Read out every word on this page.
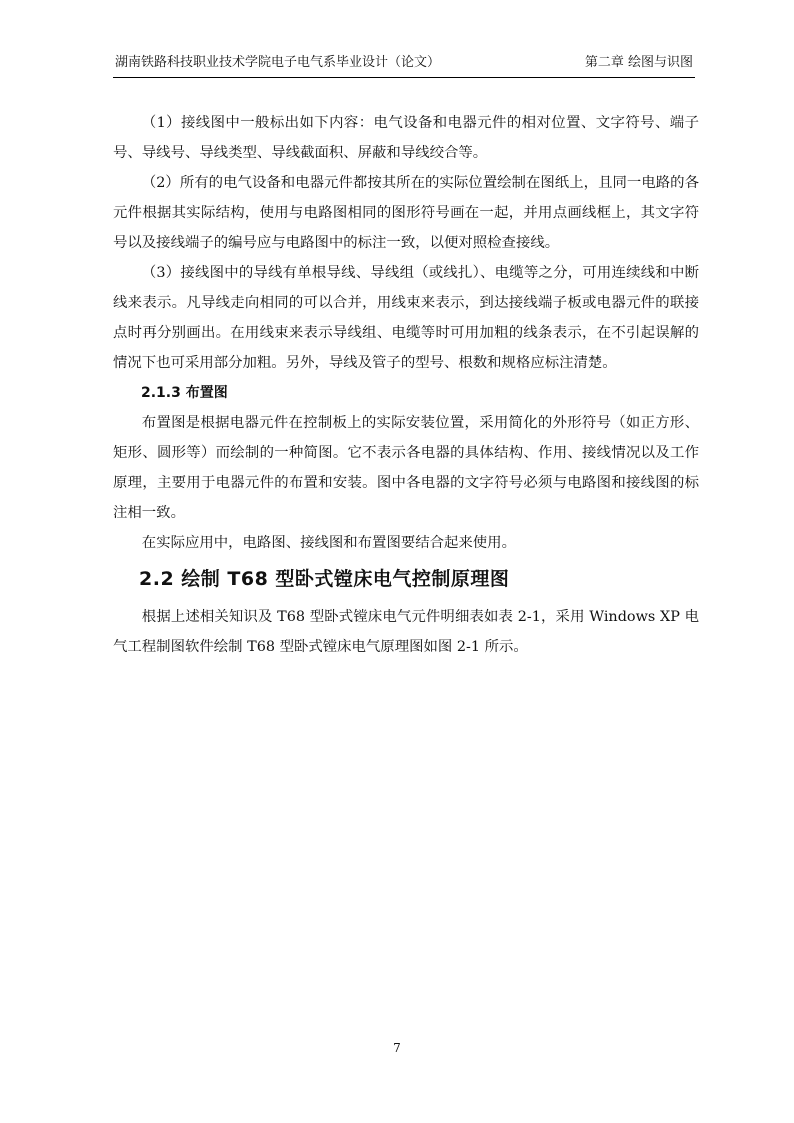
湖南铁路科技职业技术学院电子电气系毕业设计（论文）	第二章 绘图与识图

（1）接线图中一般标出如下内容：电气设备和电器元件的相对位置、文字符号、端子号、导线号、导线类型、导线截面积、屏蔽和导线绞合等。

（2）所有的电气设备和电器元件都按其所在的实际位置绘制在图纸上，且同一电路的各元件根据其实际结构，使用与电路图相同的图形符号画在一起，并用点画线框上，其文字符号以及接线端子的编号应与电路图中的标注一致，以便对照检查接线。

（3）接线图中的导线有单根导线、导线组（或线扎）、电缆等之分，可用连续线和中断线来表示。凡导线走向相同的可以合并，用线束来表示，到达接线端子板或电器元件的联接点时再分别画出。在用线束来表示导线组、电缆等时可用加粗的线条表示，在不引起误解的情况下也可采用部分加粗。另外，导线及管子的型号、根数和规格应标注清楚。

2.1.3 布置图

布置图是根据电器元件在控制板上的实际安装位置，采用简化的外形符号（如正方形、矩形、圆形等）而绘制的一种简图。它不表示各电器的具体结构、作用、接线情况以及工作原理，主要用于电器元件的布置和安装。图中各电器的文字符号必须与电路图和接线图的标注相一致。

在实际应用中，电路图、接线图和布置图要结合起来使用。

2.2 绘制 T68 型卧式镗床电气控制原理图

根据上述相关知识及 T68 型卧式镗床电气元件明细表如表 2-1，采用 Windows XP 电气工程制图软件绘制 T68 型卧式镗床电气原理图如图 2-1 所示。

7
